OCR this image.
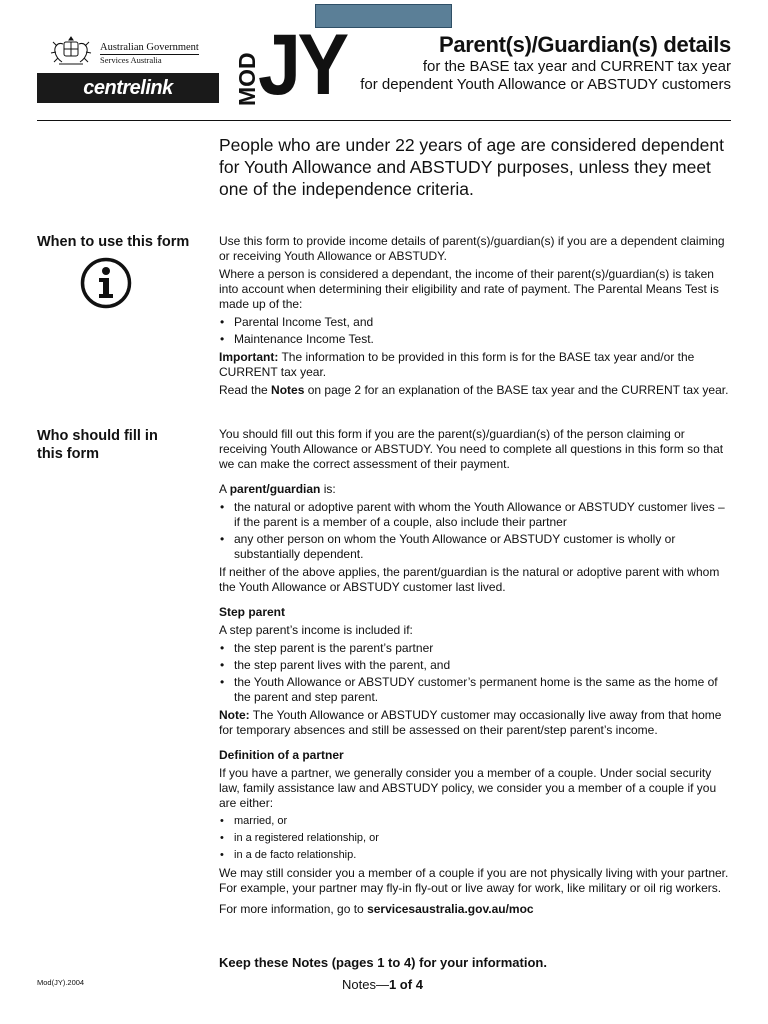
Australian Government
Services Australia
centrelink	MOD
JY	Parent(s)/Guardian(s) details
for the BASE tax year and CURRENT tax year
for dependent Youth Allowance or ABSTUDY customers
People who are under 22 years of age are considered dependent for Youth Allowance and ABSTUDY purposes, unless they meet one of the independence criteria.
When to use this form	Use this form to provide income details of parent(s)/guardian(s) if you are a dependent claiming or receiving Youth Allowance or ABSTUDY.

Where a person is considered a dependant, the income of their parent(s)/guardian(s) is taken into account when determining their eligibility and rate of payment. The Parental Means Test is made up of the:

• Parental Income Test, and
• Maintenance Income Test.

Important: The information to be provided in this form is for the BASE tax year and/or the CURRENT tax year.

Read the Notes on page 2 for an explanation of the BASE tax year and the CURRENT tax year.

Who should fill in this form

You should fill out this form if you are the parent(s)/guardian(s) of the person claiming or receiving Youth Allowance or ABSTUDY. You need to complete all questions in this form so that we can make the correct assessment of their payment.

A parent/guardian is:

• the natural or adoptive parent with whom the Youth Allowance or ABSTUDY customer lives – if the parent is a member of a couple, also include their partner
• any other person on whom the Youth Allowance or ABSTUDY customer is wholly or substantially dependent.

If neither of the above applies, the parent/guardian is the natural or adoptive parent with whom the Youth Allowance or ABSTUDY customer last lived.

Step parent

A step parent’s income is included if:

• the step parent is the parent’s partner
• the step parent lives with the parent, and
• the Youth Allowance or ABSTUDY customer’s permanent home is the same as the home of the parent and step parent.

Note: The Youth Allowance or ABSTUDY customer may occasionally live away from that home for temporary absences and still be assessed on their parent/step parent’s income.

Definition of a partner

If you have a partner, we generally consider you a member of a couple. Under social security law, family assistance law and ABSTUDY policy, we consider you a member of a couple if you are either:

• married, or
• in a registered relationship, or
• in a de facto relationship.

We may still consider you a member of a couple if you are not physically living with your partner. For example, your partner may fly-in fly-out or live away for work, like military or oil rig workers.

For more information, go to servicesaustralia.gov.au/moc

Keep these Notes (pages 1 to 4) for your information.
Mod(JY).2004	Notes—1 of 4
